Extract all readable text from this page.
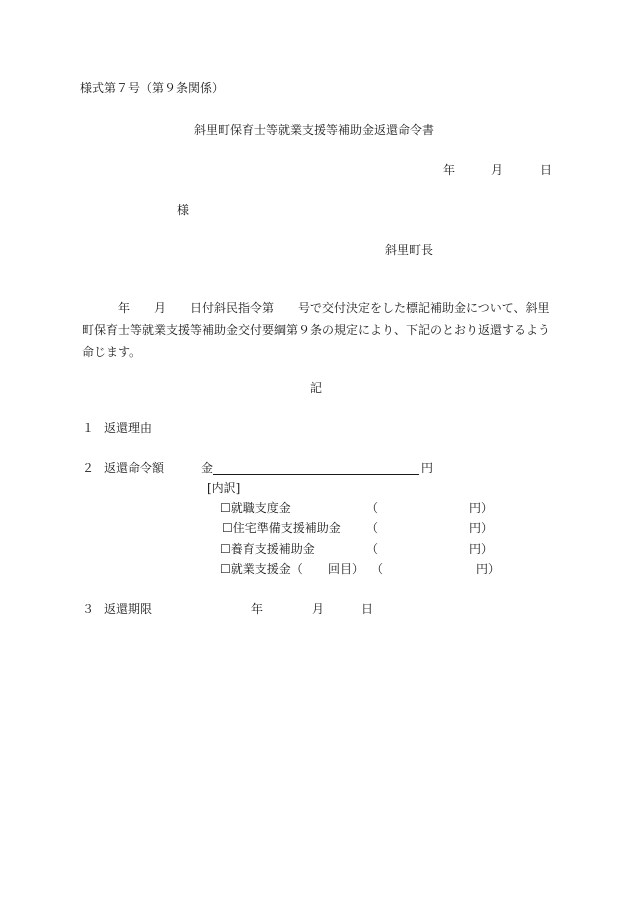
様式第７号（第９条関係）
斜里町保育士等就業支援等補助金返還命令書
年	月	日
様
斜里町長

　　　年　　月　　日付斜民指令第　　号で交付決定をした標記補助金について、斜里

町保育士等就業支援等補助金交付要綱第９条の規定により、下記のとおり返還するよう

命じます。

記
１ 返還理由
２ 返還命令額	金	円
[内訳]
☐就職支度金	（	円）
☐住宅準備支援補助金 （	円）
☐養育支援補助金	（	円）
☐就業支援金（ 回目） （	円）
３ 返還期限	年	月	日
